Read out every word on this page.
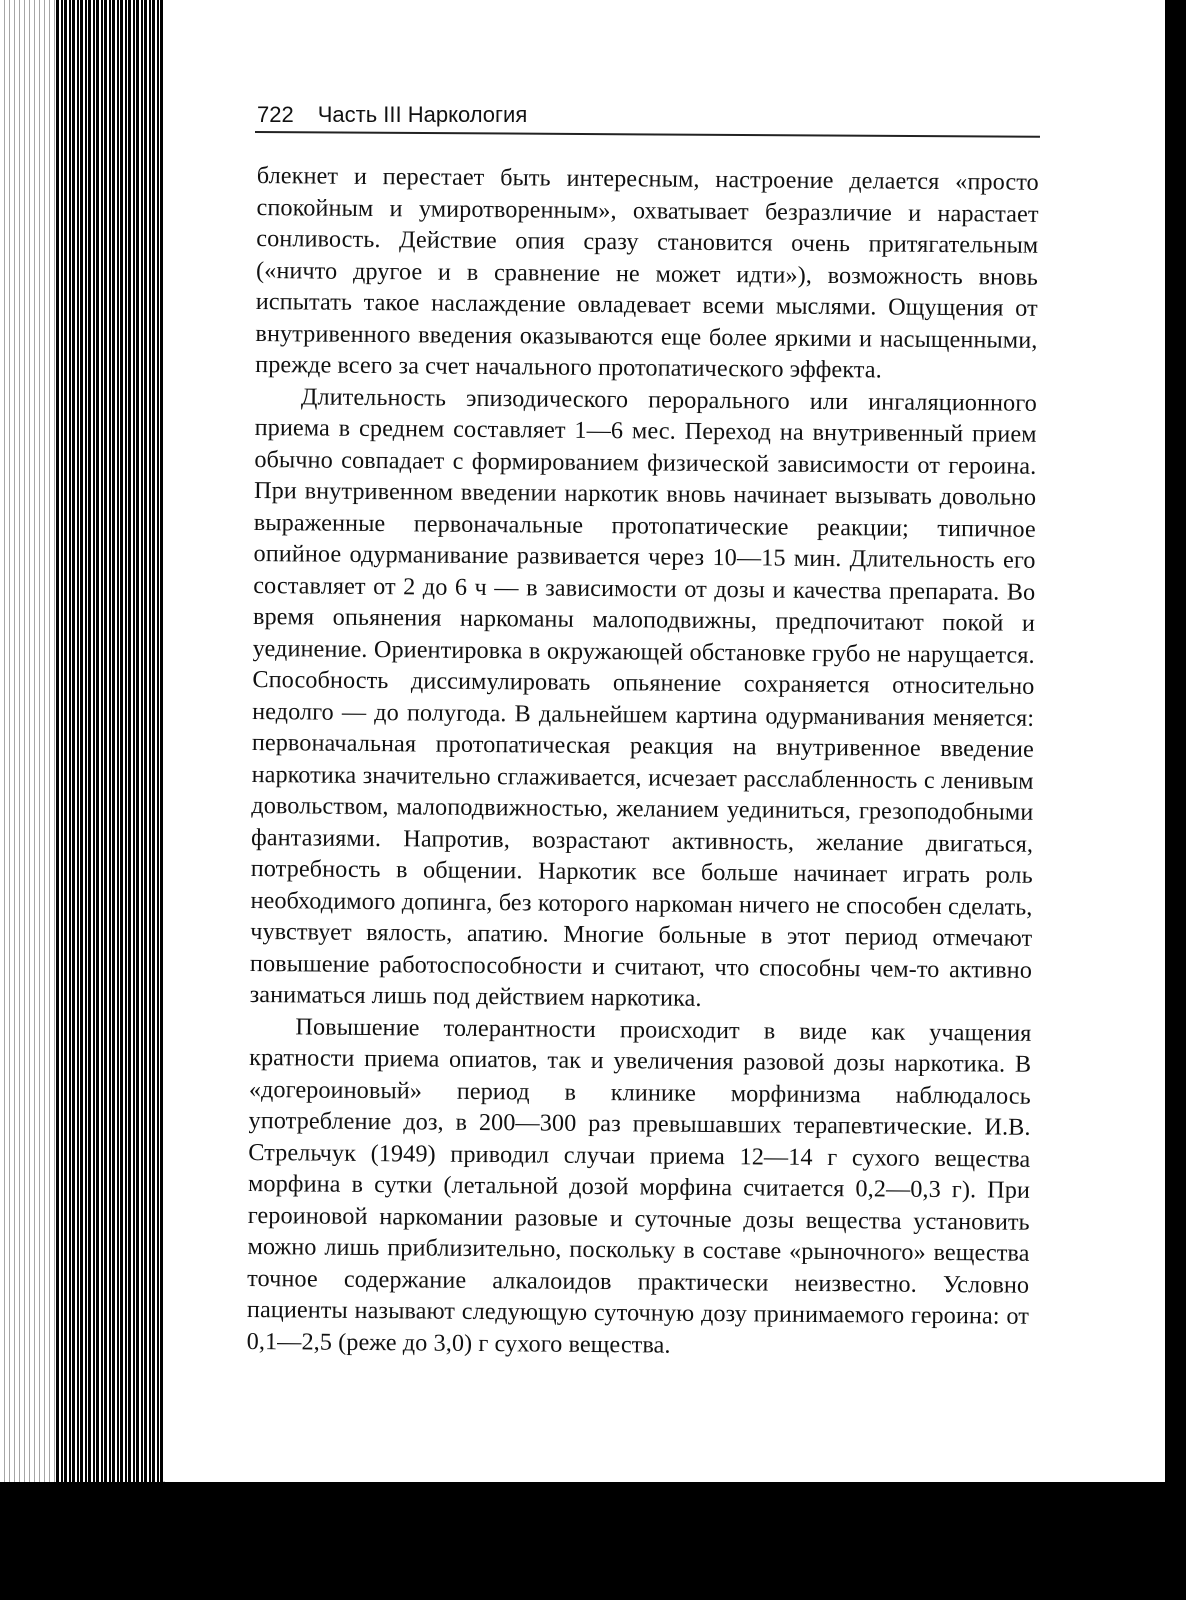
722 Часть III Наркология

блекнет и перестает быть интересным, настроение делается «просто спокойным и умиротворенным», охватывает безразличие и нарастает сонливость. Действие опия сразу становится очень притягательным («ничто другое и в сравнение не может идти»), возможность вновь испытать такое наслаждение овладевает всеми мыслями. Ощущения от внутривенного введения оказываются еще более яркими и насыщенными, прежде всего за счет начального протопатического эффекта.

Длительность эпизодического перорального или ингаляционного приема в среднем составляет 1—6 мес. Переход на внутривенный прием обычно совпадает с формированием физической зависимости от героина. При внутривенном введении наркотик вновь начинает вызывать довольно выраженные первоначальные протопатические реакции; типичное опийное одурманивание развивается через 10—15 мин. Длительность его составляет от 2 до 6 ч — в зависимости от дозы и качества препарата. Во время опьянения наркоманы малоподвижны, предпочитают покой и уединение. Ориентировка в окружающей обстановке грубо не нарущается. Способность диссимулировать опьянение сохраняется относительно недолго — до полугода. В дальнейшем картина одурманивания меняется: первоначальная протопатическая реакция на внутривенное введение наркотика значительно сглаживается, исчезает расслабленность с ленивым довольством, малоподвижностью, желанием уединиться, грезоподобными фантазиями. Напротив, возрастают активность, желание двигаться, потребность в общении. Наркотик все больше начинает играть роль необходимого допинга, без которого наркоман ничего не способен сделать, чувствует вялость, апатию. Многие больные в этот период отмечают повышение работоспособности и считают, что способны чем-то активно заниматься лишь под действием наркотика.

Повышение толерантности происходит в виде как учащения кратности приема опиатов, так и увеличения разовой дозы наркотика. В «догероиновый» период в клинике морфинизма наблюдалось употребление доз, в 200—300 раз превышавших терапевтические. И.В. Стрельчук (1949) приводил случаи приема 12—14 г сухого вещества морфина в сутки (летальной дозой морфина считается 0,2—0,3 г). При героиновой наркомании разовые и суточные дозы вещества установить можно лишь приблизительно, поскольку в составе «рыночного» вещества точное содержание алкалоидов практически неизвестно. Условно пациенты называют следующую суточную дозу принимаемого героина: от 0,1—2,5 (реже до 3,0) г сухого вещества.
